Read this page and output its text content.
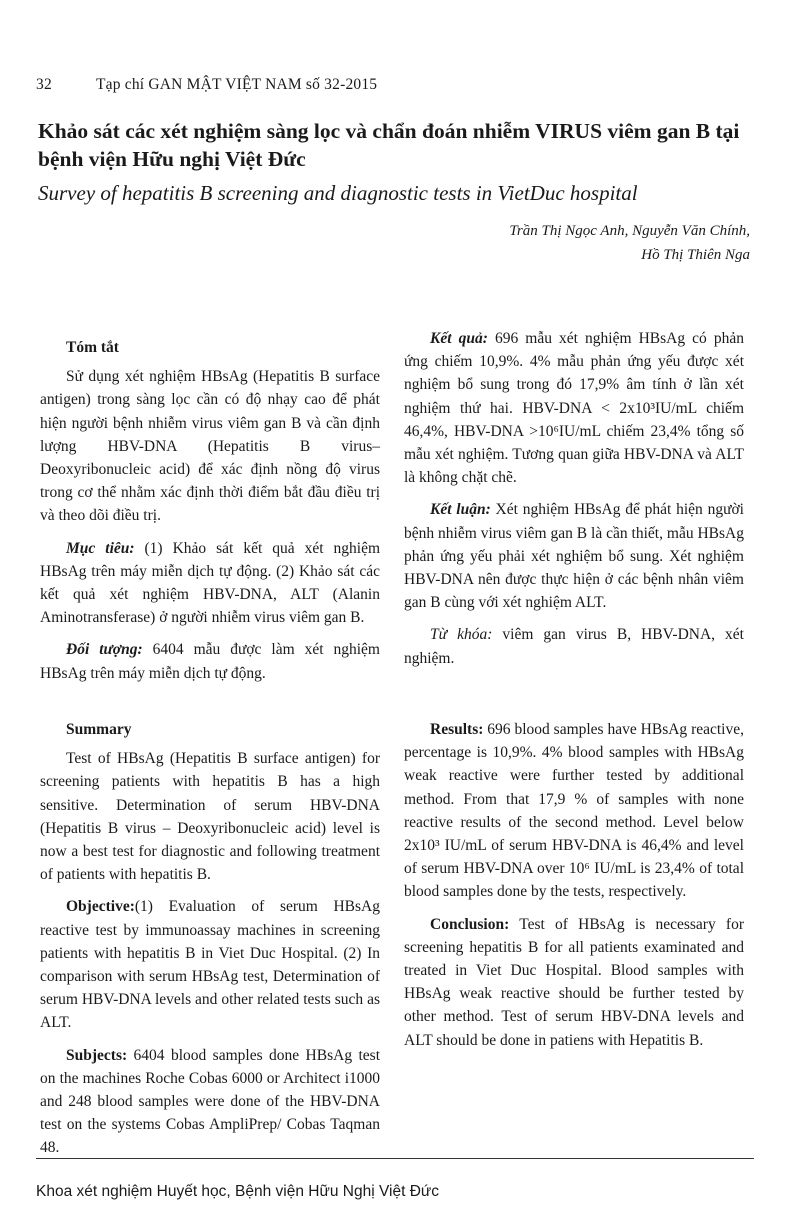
32	Tạp chí GAN MẬT VIỆT NAM số 32-2015
Khảo sát các xét nghiệm sàng lọc và chẩn đoán nhiễm VIRUS viêm gan B tại bệnh viện Hữu nghị Việt Đức
Survey of hepatitis B screening and diagnostic tests in VietDuc hospital
Trần Thị Ngọc Anh, Nguyễn Văn Chính,
Hồ Thị Thiên Nga
Tóm tắt

Sử dụng xét nghiệm HBsAg (Hepatitis B surface antigen) trong sàng lọc cần có độ nhạy cao để phát hiện người bệnh nhiễm virus viêm gan B và cần định lượng HBV-DNA (Hepatitis B virus–Deoxyribonucleic acid) để xác định nồng độ virus trong cơ thể nhằm xác định thời điểm bắt đầu điều trị và theo dõi điều trị.

Mục tiêu: (1) Khảo sát kết quả xét nghiệm HBsAg trên máy miễn dịch tự động. (2) Khảo sát các kết quả xét nghiệm HBV-DNA, ALT (Alanin Aminotransferase) ở người nhiễm virus viêm gan B.

Đối tượng: 6404 mẫu được làm xét nghiệm HBsAg trên máy miễn dịch tự động.

Kết quả: 696 mẫu xét nghiệm HBsAg có phản ứng chiếm 10,9%. 4% mẫu phản ứng yếu được xét nghiệm bổ sung trong đó 17,9% âm tính ở lần xét nghiệm thứ hai. HBV-DNA < 2x10³IU/mL chiếm 46,4%, HBV-DNA >10⁶IU/mL chiếm 23,4% tổng số mẫu xét nghiệm. Tương quan giữa HBV-DNA và ALT là không chặt chẽ.

Kết luận: Xét nghiệm HBsAg để phát hiện người bệnh nhiễm virus viêm gan B là cần thiết, mẫu HBsAg phản ứng yếu phải xét nghiệm bổ sung. Xét nghiệm HBV-DNA nên được thực hiện ở các bệnh nhân viêm gan B cùng với xét nghiệm ALT.

Từ khóa: viêm gan virus B, HBV-DNA, xét nghiệm.

Summary

Test of HBsAg (Hepatitis B surface antigen) for screening patients with hepatitis B has a high sensitive. Determination of serum HBV-DNA (Hepatitis B virus – Deoxyribonucleic acid) level is now a best test for diagnostic and following treatment of patients with hepatitis B.

Objective:(1) Evaluation of serum HBsAg reactive test by immunoassay machines in screening patients with hepatitis B in Viet Duc Hospital. (2) In comparison with serum HBsAg test, Determination of serum HBV-DNA levels and other related tests such as ALT.

Subjects: 6404 blood samples done HBsAg test on the machines Roche Cobas 6000 or Architect i1000 and 248 blood samples were done of the HBV-DNA test on the systems Cobas AmpliPrep/ Cobas Taqman 48.

Results: 696 blood samples have HBsAg reactive, percentage is 10,9%. 4% blood samples with HBsAg weak reactive were further tested by additional method. From that 17,9 % of samples with none reactive results of the second method. Level below 2x10³ IU/mL of serum HBV-DNA is 46,4% and level of serum HBV-DNA over 10⁶ IU/mL is 23,4% of total blood samples done by the tests, respectively.

Conclusion: Test of HBsAg is necessary for screening hepatitis B for all patients examinated and treated in Viet Duc Hospital. Blood samples with HBsAg weak reactive should be further tested by other method. Test of serum HBV-DNA levels and ALT should be done in patiens with Hepatitis B.

Khoa xét nghiệm Huyết học, Bệnh viện Hữu Nghị Việt Đức
